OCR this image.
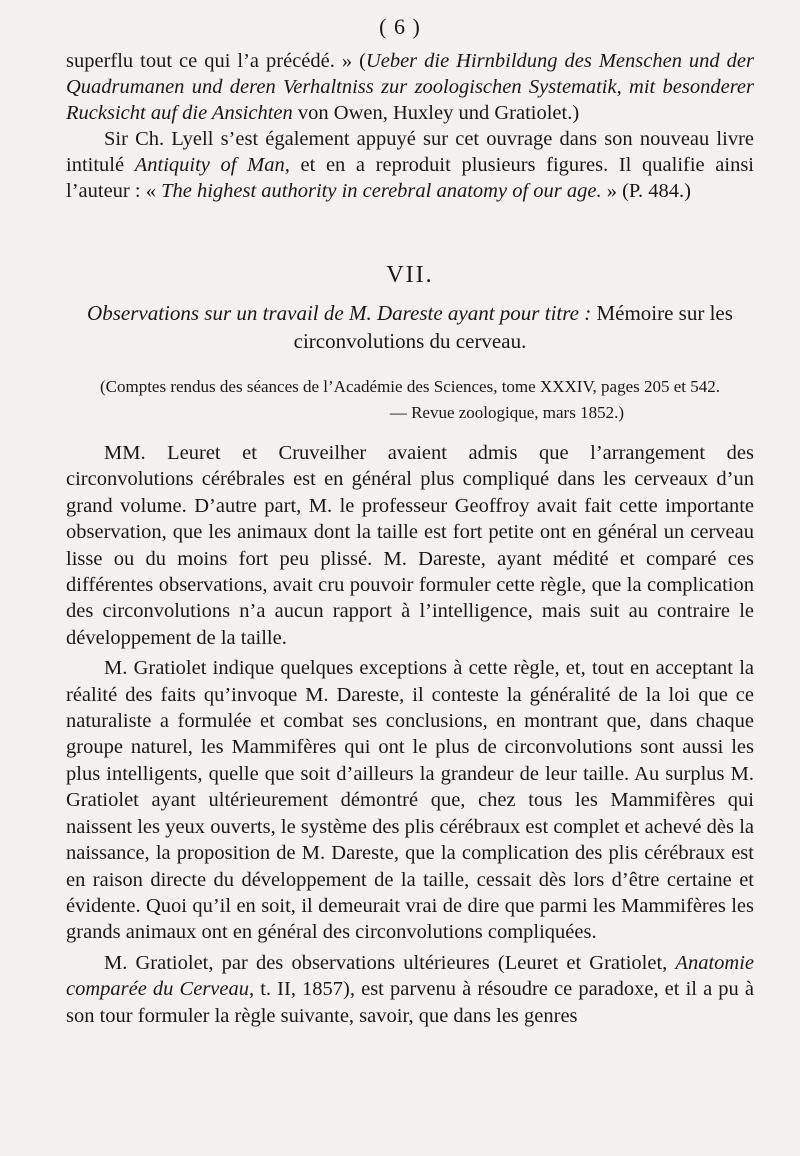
( 6 )

superflu tout ce qui l’a précédé. » (Ueber die Hirnbildung des Menschen und der Quadrumanen und deren Verhaltniss zur zoologischen Systematik, mit besonderer Rucksicht auf die Ansichten von Owen, Huxley und Gratiolet.)

Sir Ch. Lyell s’est également appuyé sur cet ouvrage dans son nouveau livre intitulé Antiquity of Man, et en a reproduit plusieurs figures. Il qualifie ainsi l’auteur : « The highest authority in cerebral anatomy of our age. » (P. 484.)

VII.
Observations sur un travail de M. Dareste ayant pour titre : Mémoire sur les circonvolutions du cerveau.
(Comptes rendus des séances de l’Académie des Sciences, tome XXXIV, pages 205 et 542.
— Revue zoologique, mars 1852.)

MM. Leuret et Cruveilher avaient admis que l’arrangement des circonvolutions cérébrales est en général plus compliqué dans les cerveaux d’un grand volume. D’autre part, M. le professeur Geoffroy avait fait cette importante observation, que les animaux dont la taille est fort petite ont en général un cerveau lisse ou du moins fort peu plissé. M. Dareste, ayant médité et comparé ces différentes observations, avait cru pouvoir formuler cette règle, que la complication des circonvolutions n’a aucun rapport à l’intelligence, mais suit au contraire le développement de la taille.

M. Gratiolet indique quelques exceptions à cette règle, et, tout en acceptant la réalité des faits qu’invoque M. Dareste, il conteste la généralité de la loi que ce naturaliste a formulée et combat ses conclusions, en montrant que, dans chaque groupe naturel, les Mammifères qui ont le plus de circonvolutions sont aussi les plus intelligents, quelle que soit d’ailleurs la grandeur de leur taille. Au surplus M. Gratiolet ayant ultérieurement démontré que, chez tous les Mammifères qui naissent les yeux ouverts, le système des plis cérébraux est complet et achevé dès la naissance, la proposition de M. Dareste, que la complication des plis cérébraux est en raison directe du développement de la taille, cessait dès lors d’être certaine et évidente. Quoi qu’il en soit, il demeurait vrai de dire que parmi les Mammifères les grands animaux ont en général des circonvolutions compliquées.

M. Gratiolet, par des observations ultérieures (Leuret et Gratiolet, Anatomie comparée du Cerveau, t. II, 1857), est parvenu à résoudre ce paradoxe, et il a pu à son tour formuler la règle suivante, savoir, que dans les genres
